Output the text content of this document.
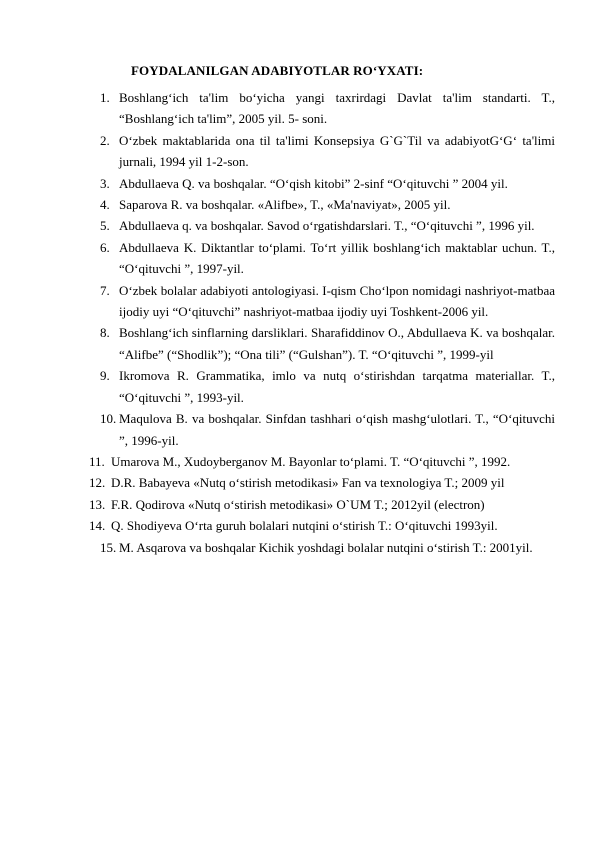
FOYDALANILGAN ADABIYOTLAR RO‘YXATI:
1. Boshlang‘ich ta'lim bo‘yicha yangi taxrirdagi Davlat ta'lim standarti. T., “Boshlang‘ich ta'lim”, 2005 yil. 5- soni.
2. O‘zbek maktablarida ona til ta'limi Konsepsiya G`G`Til va adabiyotG‘G‘ ta'limi jurnali, 1994 yil 1-2-son.
3. Abdullaeva Q. va boshqalar. “O‘qish kitobi” 2-sinf “O‘qituvchi ” 2004 yil.
4. Saparova R. va boshqalar. «Alifbe», T., «Ma'naviyat», 2005 yil.
5. Abdullaeva q. va boshqalar. Savod o‘rgatishdarslari. T., “O‘qituvchi ”, 1996 yil.
6. Abdullaeva K. Diktantlar to‘plami. To‘rt yillik boshlang‘ich maktablar uchun. T., “O‘qituvchi ”, 1997-yil.
7. O‘zbek bolalar adabiyoti antologiyasi. I-qism Cho‘lpon nomidagi nashriyot-matbaa ijodiy uyi “O‘qituvchi” nashriyot-matbaa ijodiy uyi Toshkent-2006 yil.
8. Boshlang‘ich sinflarning darsliklari. Sharafiddinov O., Abdullaeva K. va boshqalar. “Alifbe” (“Shodlik”); “Ona tili” (“Gulshan”). T. “O‘qituvchi ”, 1999-yil
9. Ikromova R. Grammatika, imlo va nutq o‘stirishdan tarqatma materiallar. T., “O‘qituvchi ”, 1993-yil.
10. Maqulova B. va boshqalar. Sinfdan tashhari o‘qish mashg‘ulotlari. T., “O‘qituvchi ”, 1996-yil.
11. Umarova M., Xudoyberganov M. Bayonlar to‘plami. T. “O‘qituvchi ”, 1992.
12. D.R. Babayeva «Nutq o‘stirish metodikasi» Fan va texnologiya T.; 2009 yil
13. F.R. Qodirova «Nutq o‘stirish metodikasi» O`UM T.; 2012yil (electron)
14. Q. Shodiyeva O‘rta guruh bolalari nutqini o‘stirish T.: O‘qituvchi 1993yil.
15. M. Asqarova va boshqalar Kichik yoshdagi bolalar nutqini o‘stirish T.: 2001yil.
